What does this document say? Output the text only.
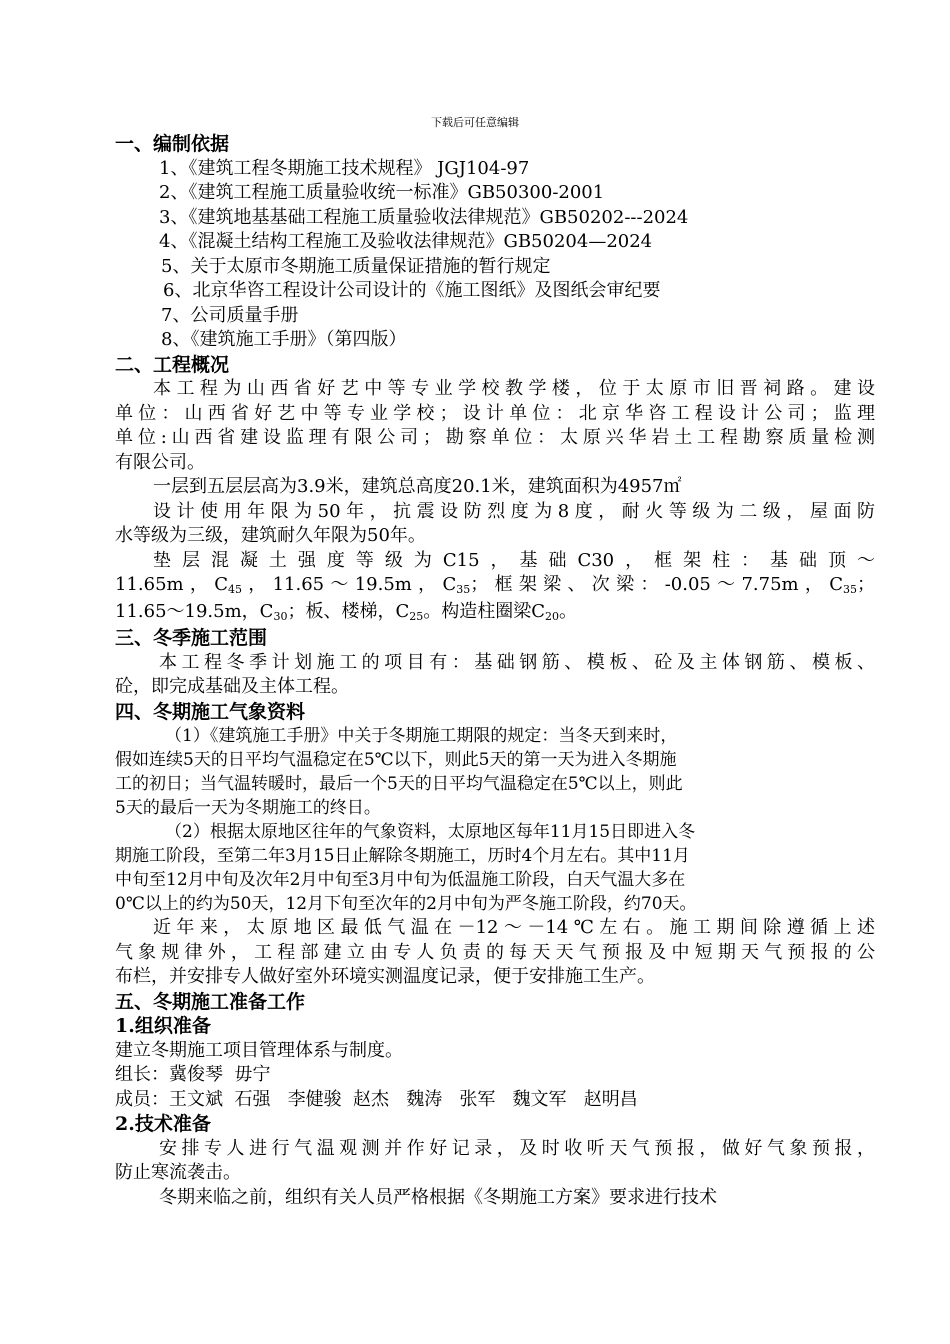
下载后可任意编辑
一、编制依据
1、《建筑工程冬期施工技术规程》 JGJ104-97
2、《建筑工程施工质量验收统一标准》GB50300-2001
3、《建筑地基基础工程施工质量验收法律规范》GB50202---2024
4、《混凝土结构工程施工及验收法律规范》GB50204—2024
5、关于太原市冬期施工质量保证措施的暂行规定
6、北京华咨工程设计公司设计的《施工图纸》及图纸会审纪要
7、公司质量手册
8、《建筑施工手册》（第四版）
二、工程概况
本工程为山西省好艺中等专业学校教学楼，位于太原市旧晋祠路。建设
单位：山西省好艺中等专业学校；设计单位：北京华咨工程设计公司；监理
单位:山西省建设监理有限公司；勘察单位：太原兴华岩土工程勘察质量检测
有限公司。
一层到五层层高为3.9米，建筑总高度20.1米，建筑面积为4957㎡
设计使用年限为50年，抗震设防烈度为8度，耐火等级为二级，屋面防
水等级为三级，建筑耐久年限为50年。
垫层混凝土强度等级为C15，基础C30，框架柱：基础顶～
11.65m，$C_{45}$，11.65～19.5m，$C_{35}$；框架梁、次梁：-0.05～7.75m，$C_{35}$；
11.65～19.5m，$C_{30}$；板、楼梯，$C_{25}$。构造柱圈梁$C_{20}$。
三、冬季施工范围
本工程冬季计划施工的项目有：基础钢筋、模板、砼及主体钢筋、模板、
砼，即完成基础及主体工程。
四、冬期施工气象资料
（1）《建筑施工手册》中关于冬期施工期限的规定：当冬天到来时，
假如连续5天的日平均气温稳定在5℃以下，则此5天的第一天为进入冬期施
工的初日；当气温转暖时，最后一个5天的日平均气温稳定在5℃以上，则此
5天的最后一天为冬期施工的终日。
（2）根据太原地区往年的气象资料，太原地区每年11月15日即进入冬
期施工阶段，至第二年3月15日止解除冬期施工，历时4个月左右。其中11月
中旬至12月中旬及次年2月中旬至3月中旬为低温施工阶段，白天气温大多在
0℃以上的约为50天，12月下旬至次年的2月中旬为严冬施工阶段，约70天。
近年来，太原地区最低气温在－12～－14℃左右。施工期间除遵循上述
气象规律外，工程部建立由专人负责的每天天气预报及中短期天气预报的公
布栏，并安排专人做好室外环境实测温度记录，便于安排施工生产。
五、冬期施工准备工作
1.组织准备
建立冬期施工项目管理体系与制度。
组长：冀俊琴  毋宁
成员：王文斌  石强   李健骏  赵杰   魏涛   张军   魏文军   赵明昌
2.技术准备
安排专人进行气温观测并作好记录，及时收听天气预报，做好气象预报，
防止寒流袭击。
冬期来临之前，组织有关人员严格根据《冬期施工方案》要求进行技术
